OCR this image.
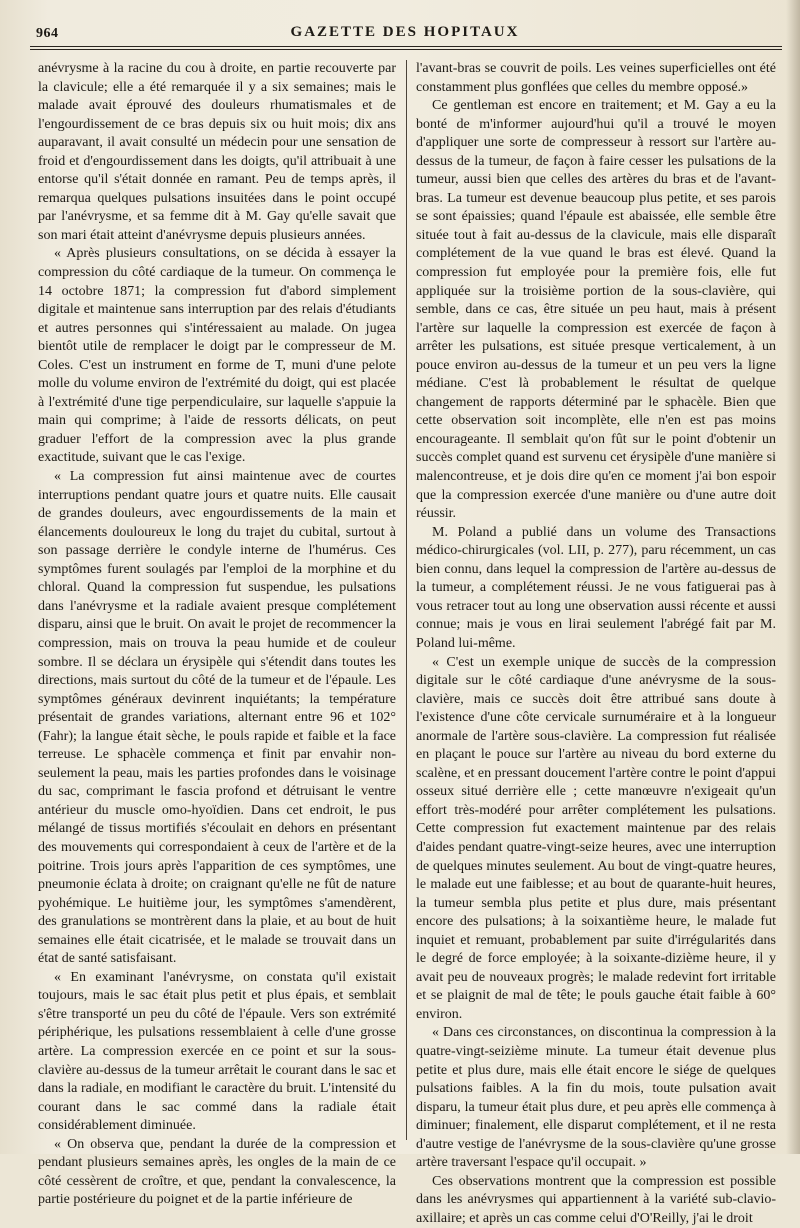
964	GAZETTE DES HOPITAUX

anévrysme à la racine du cou à droite, en partie recouverte par la clavicule; elle a été remarquée il y a six semaines; mais le malade avait éprouvé des douleurs rhumatismales et de l'engourdissement de ce bras depuis six ou huit mois; dix ans auparavant, il avait consulté un médecin pour une sensation de froid et d'engourdissement dans les doigts, qu'il attribuait à une entorse qu'il s'était donnée en ramant. Peu de temps après, il remarqua quelques pulsations insuitées dans le point occupé par l'anévrysme, et sa femme dit à M. Gay qu'elle savait que son mari était atteint d'anévrysme depuis plusieurs années.

« Après plusieurs consultations, on se décida à essayer la compression du côté cardiaque de la tumeur. On commença le 14 octobre 1871; la compression fut d'abord simplement digitale et maintenue sans interruption par des relais d'étudiants et autres personnes qui s'intéressaient au malade. On jugea bientôt utile de remplacer le doigt par le compresseur de M. Coles. C'est un instrument en forme de T, muni d'une pelote molle du volume environ de l'extrémité du doigt, qui est placée à l'extrémité d'une tige perpendiculaire, sur laquelle s'appuie la main qui comprime; à l'aide de ressorts délicats, on peut graduer l'effort de la compression avec la plus grande exactitude, suivant que le cas l'exige.

« La compression fut ainsi maintenue avec de courtes interruptions pendant quatre jours et quatre nuits. Elle causait de grandes douleurs, avec engourdissements de la main et élancements douloureux le long du trajet du cubital, surtout à son passage derrière le condyle interne de l'humérus. Ces symptômes furent soulagés par l'emploi de la morphine et du chloral. Quand la compression fut suspendue, les pulsations dans l'anévrysme et la radiale avaient presque complétement disparu, ainsi que le bruit. On avait le projet de recommencer la compression, mais on trouva la peau humide et de couleur sombre. Il se déclara un érysipèle qui s'étendit dans toutes les directions, mais surtout du côté de la tumeur et de l'épaule. Les symptômes généraux devinrent inquiétants; la température présentait de grandes variations, alternant entre 96 et 102° (Fahr); la langue était sèche, le pouls rapide et faible et la face terreuse. Le sphacèle commença et finit par envahir non-seulement la peau, mais les parties profondes dans le voisinage du sac, comprimant le fascia profond et détruisant le ventre antérieur du muscle omo-hyoïdien. Dans cet endroit, le pus mélangé de tissus mortifiés s'écoulait en dehors en présentant des mouvements qui correspondaient à ceux de l'artère et de la poitrine. Trois jours après l'apparition de ces symptômes, une pneumonie éclata à droite; on craignant qu'elle ne fût de nature pyohémique. Le huitième jour, les symptômes s'amendèrent, des granulations se montrèrent dans la plaie, et au bout de huit semaines elle était cicatrisée, et le malade se trouvait dans un état de santé satisfaisant.

« En examinant l'anévrysme, on constata qu'il existait toujours, mais le sac était plus petit et plus épais, et semblait s'être transporté un peu du côté de l'épaule. Vers son extrémité périphérique, les pulsations ressemblaient à celle d'une grosse artère. La compression exercée en ce point et sur la sous-clavière au-dessus de la tumeur arrêtait le courant dans le sac et dans la radiale, en modifiant le caractère du bruit. L'intensité du courant dans le sac commé dans la radiale était considérablement diminuée.

« On observa que, pendant la durée de la compression et pendant plusieurs semaines après, les ongles de la main de ce côté cessèrent de croître, et que, pendant la convalescence, la partie postérieure du poignet et de la partie inférieure de

l'avant-bras se couvrit de poils. Les veines superficielles ont été constamment plus gonflées que celles du membre opposé.»

Ce gentleman est encore en traitement; et M. Gay a eu la bonté de m'informer aujourd'hui qu'il a trouvé le moyen d'appliquer une sorte de compresseur à ressort sur l'artère au-dessus de la tumeur, de façon à faire cesser les pulsations de la tumeur, aussi bien que celles des artères du bras et de l'avant-bras. La tumeur est devenue beaucoup plus petite, et ses parois se sont épaissies; quand l'épaule est abaissée, elle semble être située tout à fait au-dessus de la clavicule, mais elle disparaît complétement de la vue quand le bras est élevé. Quand la compression fut employée pour la première fois, elle fut appliquée sur la troisième portion de la sous-clavière, qui semble, dans ce cas, être située un peu haut, mais à présent l'artère sur laquelle la compression est exercée de façon à arrêter les pulsations, est située presque verticalement, à un pouce environ au-dessus de la tumeur et un peu vers la ligne médiane. C'est là probablement le résultat de quelque changement de rapports déterminé par le sphacèle. Bien que cette observation soit incomplète, elle n'en est pas moins encourageante. Il semblait qu'on fût sur le point d'obtenir un succès complet quand est survenu cet érysipèle d'une manière si malencontreuse, et je dois dire qu'en ce moment j'ai bon espoir que la compression exercée d'une manière ou d'une autre doit réussir.

M. Poland a publié dans un volume des Transactions médico-chirurgicales (vol. LII, p. 277), paru récemment, un cas bien connu, dans lequel la compression de l'artère au-dessus de la tumeur, a complétement réussi. Je ne vous fatiguerai pas à vous retracer tout au long une observation aussi récente et aussi connue; mais je vous en lirai seulement l'abrégé fait par M. Poland lui-même.

« C'est un exemple unique de succès de la compression digitale sur le côté cardiaque d'une anévrysme de la sous-clavière, mais ce succès doit être attribué sans doute à l'existence d'une côte cervicale surnuméraire et à la longueur anormale de l'artère sous-clavière. La compression fut réalisée en plaçant le pouce sur l'artère au niveau du bord externe du scalène, et en pressant doucement l'artère contre le point d'appui osseux situé derrière elle ; cette manœuvre n'exigeait qu'un effort très-modéré pour arrêter complétement les pulsations. Cette compression fut exactement maintenue par des relais d'aides pendant quatre-vingt-seize heures, avec une interruption de quelques minutes seulement. Au bout de vingt-quatre heures, le malade eut une faiblesse; et au bout de quarante-huit heures, la tumeur sembla plus petite et plus dure, mais présentant encore des pulsations; à la soixantième heure, le malade fut inquiet et remuant, probablement par suite d'irrégularités dans le degré de force employée; à la soixante-dizième heure, il y avait peu de nouveaux progrès; le malade redevint fort irritable et se plaignit de mal de tête; le pouls gauche était faible à 60° environ.

« Dans ces circonstances, on discontinua la compression à la quatre-vingt-seizième minute. La tumeur était devenue plus petite et plus dure, mais elle était encore le siége de quelques pulsations faibles. A la fin du mois, toute pulsation avait disparu, la tumeur était plus dure, et peu après elle commença à diminuer; finalement, elle disparut complétement, et il ne resta d'autre vestige de l'anévrysme de la sous-clavière qu'une grosse artère traversant l'espace qu'il occupait. »

Ces observations montrent que la compression est possible dans les anévrysmes qui appartiennent à la variété sub-clavio-axillaire; et après un cas comme celui d'O'Reilly, j'ai le droit
